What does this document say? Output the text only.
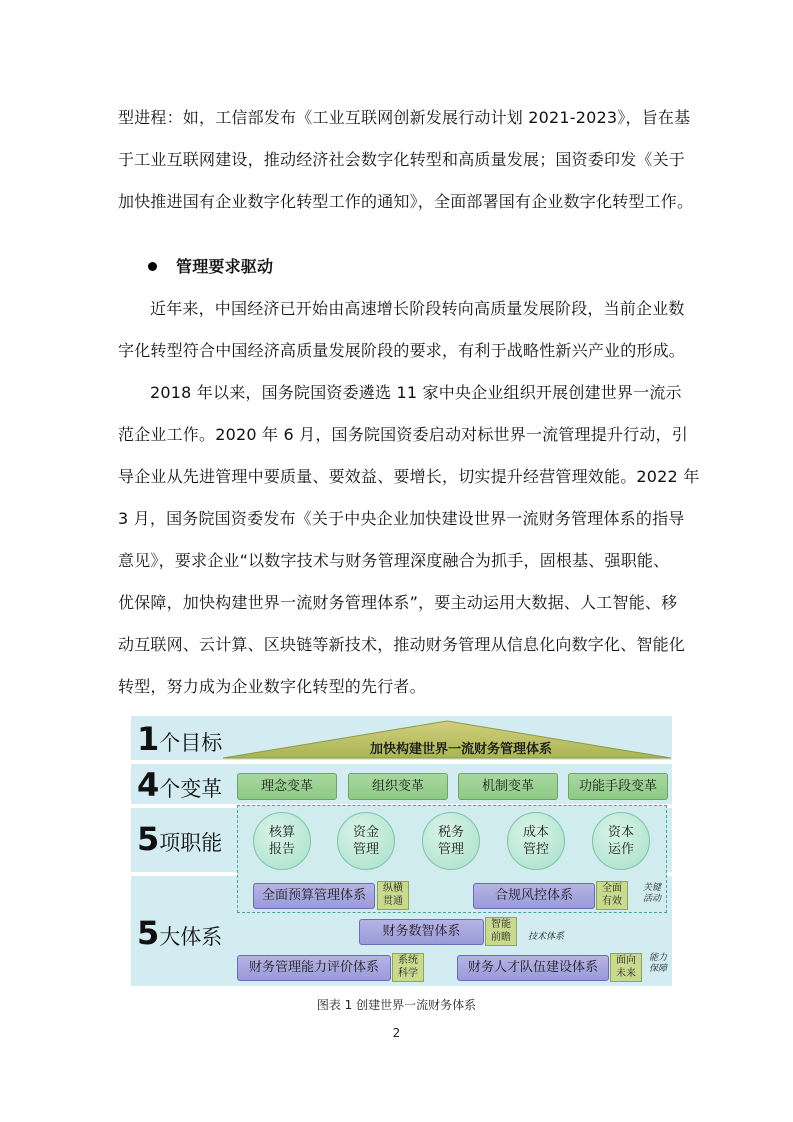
型进程：如，工信部发布《工业互联网创新发展行动计划 2021-2023》，旨在基
于工业互联网建设，推动经济社会数字化转型和高质量发展；国资委印发《关于
加快推进国有企业数字化转型工作的通知》，全面部署国有企业数字化转型工作。
管理要求驱动
近年来，中国经济已开始由高速增长阶段转向高质量发展阶段，当前企业数
字化转型符合中国经济高质量发展阶段的要求，有利于战略性新兴产业的形成。
2018 年以来，国务院国资委遴选 11 家中央企业组织开展创建世界一流示
范企业工作。2020 年 6 月，国务院国资委启动对标世界一流管理提升行动，引
导企业从先进管理中要质量、要效益、要增长，切实提升经营管理效能。2022 年
3 月，国务院国资委发布《关于中央企业加快建设世界一流财务管理体系的指导
意见》，要求企业“以数字技术与财务管理深度融合为抓手，固根基、强职能、
优保障，加快构建世界一流财务管理体系”，要主动运用大数据、人工智能、移
动互联网、云计算、区块链等新技术，推动财务管理从信息化向数字化、智能化
转型，努力成为企业数字化转型的先行者。
1个目标
4个变革
5项职能
5大体系
加快构建世界一流财务管理体系
理念变革	组织变革	机制变革	功能手段变革
核算
报告
资金
管理
税务
管理
成本
管控
资本
运作
全面预算管理体系	纵横
贯通	合规风控体系	全面
有效
关键
活动
财务数智体系	智能
前瞻	技术体系
财务管理能力评价体系	系统
科学	财务人才队伍建设体系	面向
未来
能力
保障
图表 1 创建世界一流财务体系
2
